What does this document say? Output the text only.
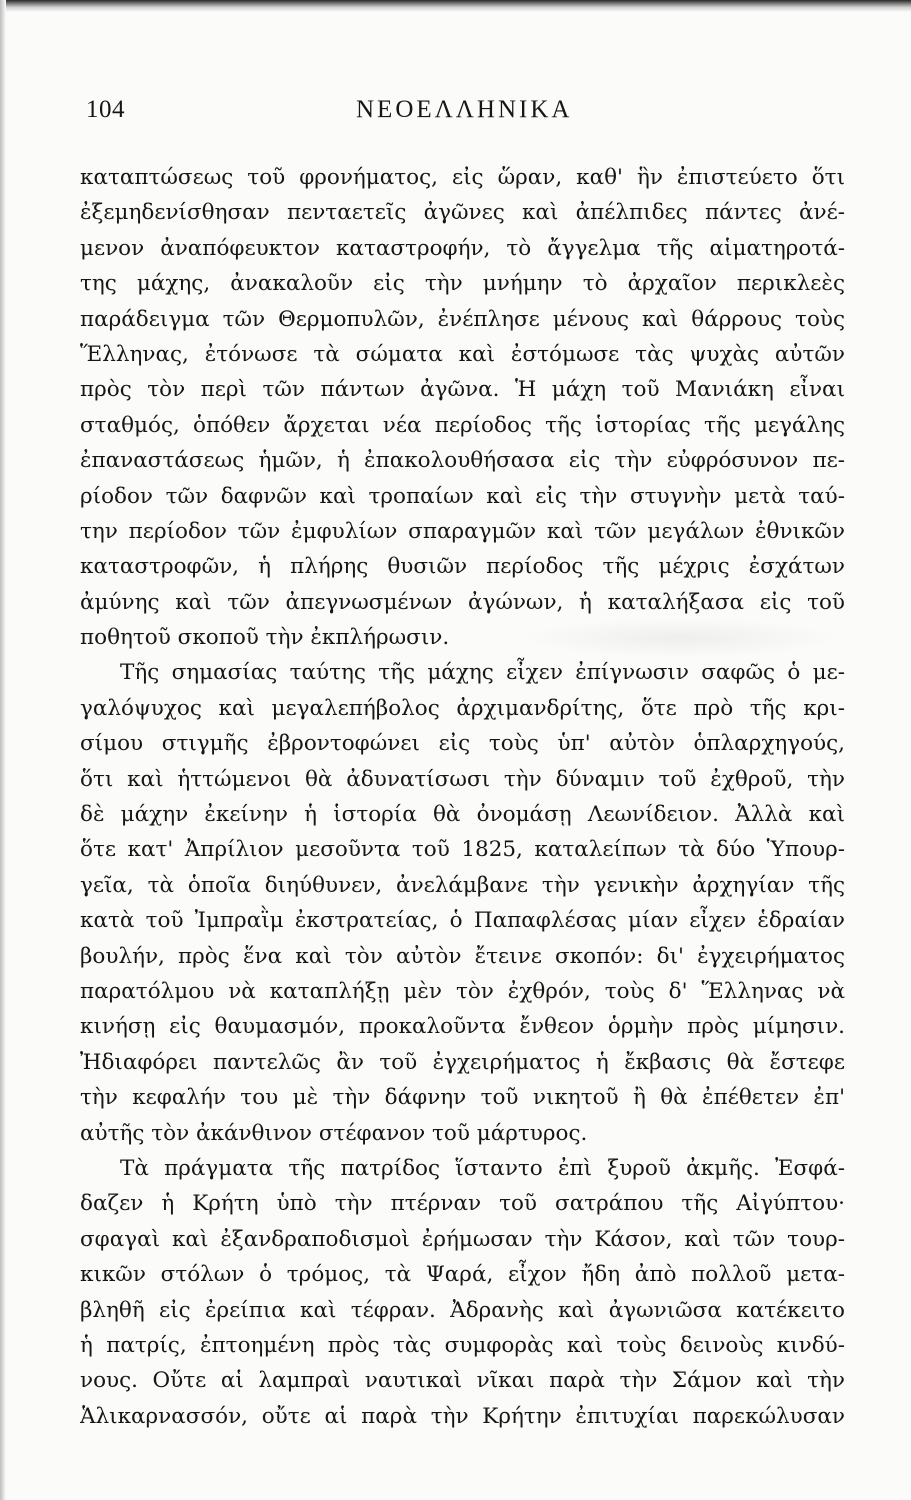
104	ΝΕΟΕΛΛΗΝΙΚΑ
καταπτώσεως τοῦ φρονήματος, εἰς ὥραν, καθ' ἣν ἐπιστεύετο ὅτι
ἐξεμηδενίσθησαν πενταετεῖς ἀγῶνες καὶ ἀπέλπιδες πάντες ἀνέ-
μενον ἀναπόφευκτον καταστροφήν, τὸ ἄγγελμα τῆς αἱματηροτά-
της μάχης, ἀνακαλοῦν εἰς τὴν μνήμην τὸ ἀρχαῖον περικλεὲς
παράδειγμα τῶν Θερμοπυλῶν, ἐνέπλησε μένους καὶ θάρρους τοὺς
Ἕλληνας, ἐτόνωσε τὰ σώματα καὶ ἐστόμωσε τὰς ψυχὰς αὐτῶν
πρὸς τὸν περὶ τῶν πάντων ἀγῶνα. Ἡ μάχη τοῦ Μανιάκη εἶναι
σταθμός, ὁπόθεν ἄρχεται νέα περίοδος τῆς ἱστορίας τῆς μεγάλης
ἐπαναστάσεως ἡμῶν, ἡ ἐπακολουθήσασα εἰς τὴν εὐφρόσυνον πε-
ρίοδον τῶν δαφνῶν καὶ τροπαίων καὶ εἰς τὴν στυγνὴν μετὰ ταύ-
την περίοδον τῶν ἐμφυλίων σπαραγμῶν καὶ τῶν μεγάλων ἐθνικῶν
καταστροφῶν, ἡ πλήρης θυσιῶν περίοδος τῆς μέχρις ἐσχάτων
ἀμύνης καὶ τῶν ἀπεγνωσμένων ἀγώνων, ἡ καταλήξασα εἰς τοῦ
ποθητοῦ σκοποῦ τὴν ἐκπλήρωσιν.
Τῆς σημασίας ταύτης τῆς μάχης εἶχεν ἐπίγνωσιν σαφῶς ὁ με-
γαλόψυχος καὶ μεγαλεπήβολος ἀρχιμανδρίτης, ὅτε πρὸ τῆς κρι-
σίμου στιγμῆς ἐβροντοφώνει εἰς τοὺς ὑπ' αὐτὸν ὁπλαρχηγούς,
ὅτι καὶ ἡττώμενοι θὰ ἀδυνατίσωσι τὴν δύναμιν τοῦ ἐχθροῦ, τὴν
δὲ μάχην ἐκείνην ἡ ἱστορία θὰ ὀνομάσῃ Λεωνίδειον. Ἀλλὰ καὶ
ὅτε κατ' Ἀπρίλιον μεσοῦντα τοῦ 1825, καταλείπων τὰ δύο Ὑπουρ-
γεῖα, τὰ ὁποῖα διηύθυνεν, ἀνελάμβανε τὴν γενικὴν ἀρχηγίαν τῆς
κατὰ τοῦ Ἰμπραῒμ ἐκστρατείας, ὁ Παπαφλέσας μίαν εἶχεν ἑδραίαν
βουλήν, πρὸς ἕνα καὶ τὸν αὐτὸν ἔτεινε σκοπόν: δι' ἐγχειρήματος
παρατόλμου νὰ καταπλήξῃ μὲν τὸν ἐχθρόν, τοὺς δ' Ἕλληνας νὰ
κινήσῃ εἰς θαυμασμόν, προκαλοῦντα ἔνθεον ὁρμὴν πρὸς μίμησιν.
Ἠδιαφόρει παντελῶς ἂν τοῦ ἐγχειρήματος ἡ ἔκβασις θὰ ἔστεφε
τὴν κεφαλήν του μὲ τὴν δάφνην τοῦ νικητοῦ ἢ θὰ ἐπέθετεν ἐπ'
αὐτῆς τὸν ἀκάνθινον στέφανον τοῦ μάρτυρος.
Τὰ πράγματα τῆς πατρίδος ἵσταντο ἐπὶ ξυροῦ ἀκμῆς. Ἐσφά-
δαζεν ἡ Κρήτη ὑπὸ τὴν πτέρναν τοῦ σατράπου τῆς Αἰγύπτου·
σφαγαὶ καὶ ἐξανδραποδισμοὶ ἐρήμωσαν τὴν Κάσον, καὶ τῶν τουρ-
κικῶν στόλων ὁ τρόμος, τὰ Ψαρά, εἶχον ἤδη ἀπὸ πολλοῦ μετα-
βληθῆ εἰς ἐρείπια καὶ τέφραν. Ἀδρανὴς καὶ ἀγωνιῶσα κατέκειτο
ἡ πατρίς, ἐπτοημένη πρὸς τὰς συμφορὰς καὶ τοὺς δεινοὺς κινδύ-
νους. Οὔτε αἱ λαμπραὶ ναυτικαὶ νῖκαι παρὰ τὴν Σάμον καὶ τὴν
Ἁλικαρνασσόν, οὔτε αἱ παρὰ τὴν Κρήτην ἐπιτυχίαι παρεκώλυσαν
